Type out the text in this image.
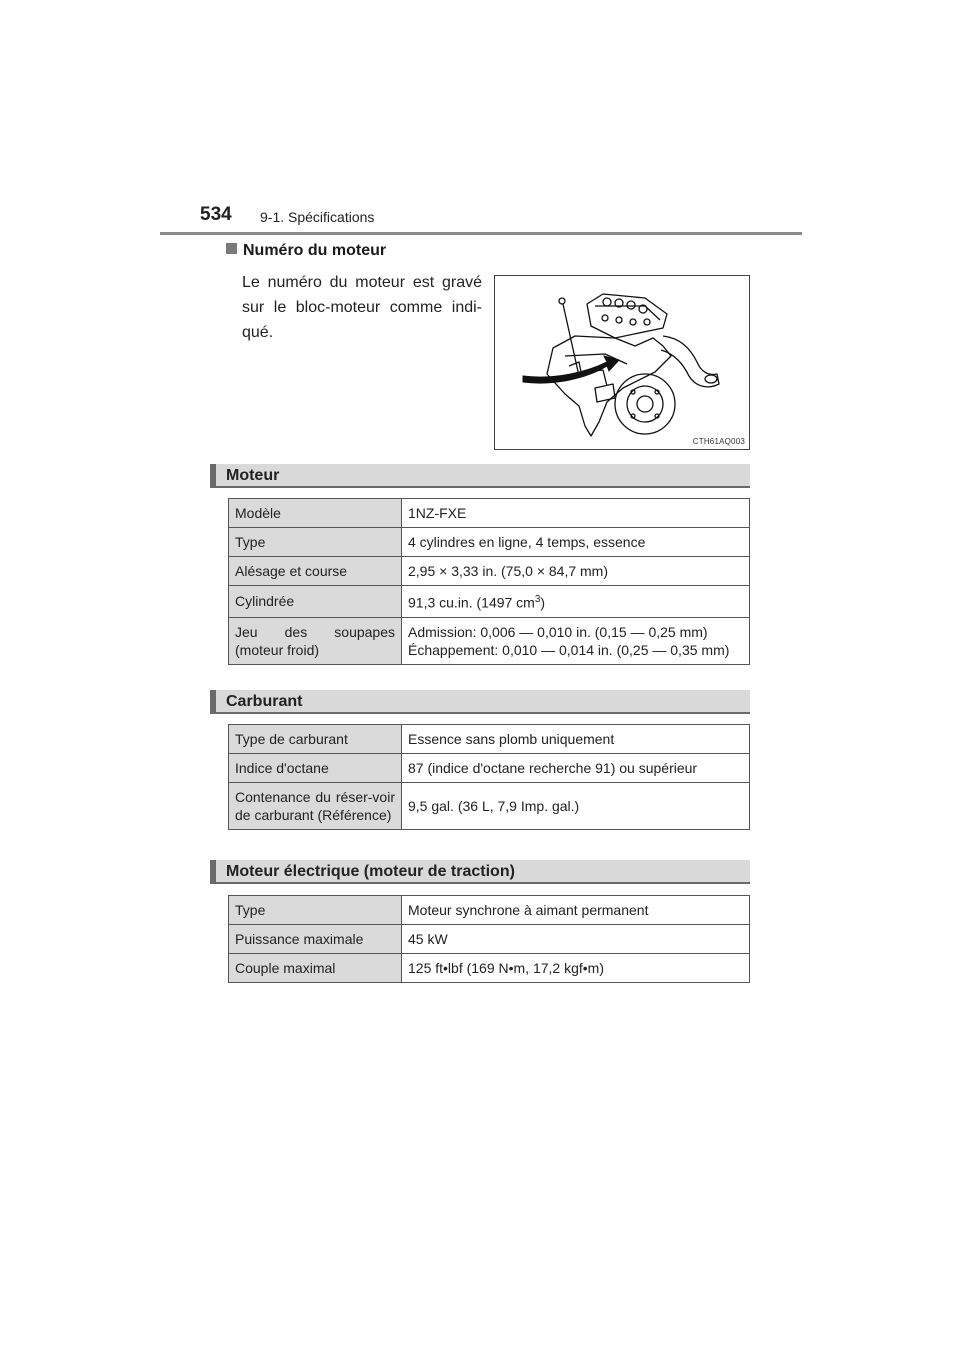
534 9-1. Spécifications
Numéro du moteur
Le numéro du moteur est gravé sur le bloc-moteur comme indi-qué.
CTH61AQ003
Moteur
Modèle	1NZ-FXE
Type	4 cylindres en ligne, 4 temps, essence
Alésage et course	2,95 × 3,33 in. (75,0 × 84,7 mm)
Cylindrée	91,3 cu.in. (1497 $cm^3$)
Jeu des soupapes (moteur froid)	Admission: 0,006 — 0,010 in. (0,15 — 0,25 mm)
Échappement: 0,010 — 0,014 in. (0,25 — 0,35 mm)
Carburant
Type de carburant	Essence sans plomb uniquement
Indice d'octane	87 (indice d'octane recherche 91) ou supérieur
Contenance du réser-voir de carburant (Référence)	9,5 gal. (36 L, 7,9 Imp. gal.)
Moteur électrique (moteur de traction)
Type	Moteur synchrone à aimant permanent
Puissance maximale	45 kW
Couple maximal	125 ft•lbf (169 N•m, 17,2 kgf•m)
